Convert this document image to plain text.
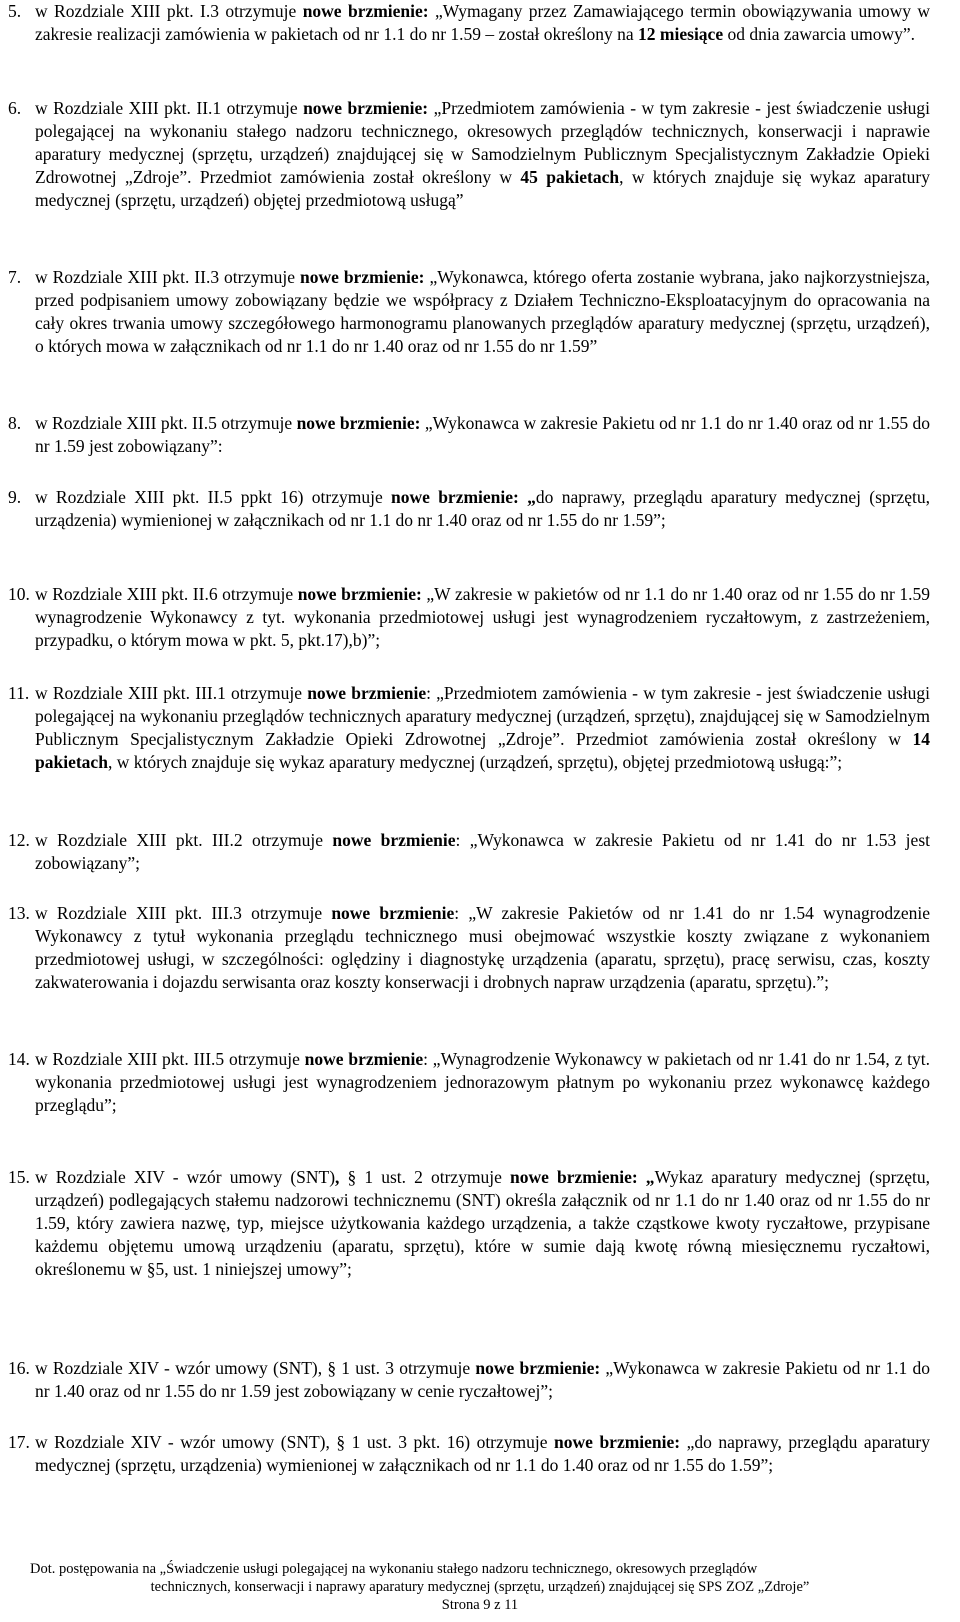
5. w Rozdziale XIII pkt. I.3 otrzymuje nowe brzmienie: „Wymagany przez Zamawiającego termin obowiązywania umowy w zakresie realizacji zamówienia w pakietach od nr 1.1 do nr 1.59 – został określony na 12 miesiące od dnia zawarcia umowy”.
6. w Rozdziale XIII pkt. II.1 otrzymuje nowe brzmienie: „Przedmiotem zamówienia - w tym zakresie - jest świadczenie usługi polegającej na wykonaniu stałego nadzoru technicznego, okresowych przeglądów technicznych, konserwacji i naprawie aparatury medycznej (sprzętu, urządzeń) znajdującej się w Samodzielnym Publicznym Specjalistycznym Zakładzie Opieki Zdrowotnej „Zdroje”. Przedmiot zamówienia został określony w 45 pakietach, w których znajduje się wykaz aparatury medycznej (sprzętu, urządzeń) objętej przedmiotową usługą”
7. w Rozdziale XIII pkt. II.3 otrzymuje nowe brzmienie: „Wykonawca, którego oferta zostanie wybrana, jako najkorzystniejsza, przed podpisaniem umowy zobowiązany będzie we współpracy z Działem Techniczno-Eksploatacyjnym do opracowania na cały okres trwania umowy szczegółowego harmonogramu planowanych przeglądów aparatury medycznej (sprzętu, urządzeń), o których mowa w załącznikach od nr 1.1 do nr 1.40 oraz od nr 1.55 do nr 1.59”
8. w Rozdziale XIII pkt. II.5 otrzymuje nowe brzmienie: „Wykonawca w zakresie Pakietu od nr 1.1 do nr 1.40 oraz od nr 1.55 do nr 1.59 jest zobowiązany”:
9. w Rozdziale XIII pkt. II.5 ppkt 16) otrzymuje nowe brzmienie: „do naprawy, przeglądu aparatury medycznej (sprzętu, urządzenia) wymienionej w załącznikach od nr 1.1 do nr 1.40 oraz od nr 1.55 do nr 1.59”;
10. w Rozdziale XIII pkt. II.6 otrzymuje nowe brzmienie: „W zakresie w pakietów od nr 1.1 do nr 1.40 oraz od nr 1.55 do nr 1.59 wynagrodzenie Wykonawcy z tyt. wykonania przedmiotowej usługi jest wynagrodzeniem ryczałtowym, z zastrzeżeniem, przypadku, o którym mowa w pkt. 5, pkt.17),b)”;
11. w Rozdziale XIII pkt. III.1 otrzymuje nowe brzmienie: „Przedmiotem zamówienia - w tym zakresie - jest świadczenie usługi polegającej na wykonaniu przeglądów technicznych aparatury medycznej (urządzeń, sprzętu), znajdującej się w Samodzielnym Publicznym Specjalistycznym Zakładzie Opieki Zdrowotnej „Zdroje”. Przedmiot zamówienia został określony w 14 pakietach, w których znajduje się wykaz aparatury medycznej (urządzeń, sprzętu), objętej przedmiotową usługą:”;
12. w Rozdziale XIII pkt. III.2 otrzymuje nowe brzmienie: „Wykonawca w zakresie Pakietu od nr 1.41 do nr 1.53 jest zobowiązany”;
13. w Rozdziale XIII pkt. III.3 otrzymuje nowe brzmienie: „W zakresie Pakietów od nr 1.41 do nr 1.54 wynagrodzenie Wykonawcy z tytuł wykonania przeglądu technicznego musi obejmować wszystkie koszty związane z wykonaniem przedmiotowej usługi, w szczególności: oględziny i diagnostykę urządzenia (aparatu, sprzętu), pracę serwisu, czas, koszty zakwaterowania i dojazdu serwisanta oraz koszty konserwacji i drobnych napraw urządzenia (aparatu, sprzętu).”;
14. w Rozdziale XIII pkt. III.5 otrzymuje nowe brzmienie: „Wynagrodzenie Wykonawcy w pakietach od nr 1.41 do nr 1.54, z tyt. wykonania przedmiotowej usługi jest wynagrodzeniem jednorazowym płatnym po wykonaniu przez wykonawcę każdego przeglądu”;
15. w Rozdziale XIV - wzór umowy (SNT), § 1 ust. 2 otrzymuje nowe brzmienie: „Wykaz aparatury medycznej (sprzętu, urządzeń) podlegających stałemu nadzorowi technicznemu (SNT) określa załącznik od nr 1.1 do nr 1.40 oraz od nr 1.55 do nr 1.59, który zawiera nazwę, typ, miejsce użytkowania każdego urządzenia, a także cząstkowe kwoty ryczałtowe, przypisane każdemu objętemu umową urządzeniu (aparatu, sprzętu), które w sumie dają kwotę równą miesięcznemu ryczałtowi, określonemu w §5, ust. 1 niniejszej umowy”;
16. w Rozdziale XIV - wzór umowy (SNT), § 1 ust. 3 otrzymuje nowe brzmienie: „Wykonawca w zakresie Pakietu od nr 1.1 do nr 1.40 oraz od nr 1.55 do nr 1.59 jest zobowiązany w cenie ryczałtowej”;
17. w Rozdziale XIV - wzór umowy (SNT), § 1 ust. 3 pkt. 16) otrzymuje nowe brzmienie: „do naprawy, przeglądu aparatury medycznej (sprzętu, urządzenia) wymienionej w załącznikach od nr 1.1 do 1.40 oraz od nr 1.55 do 1.59”;
Dot. postępowania na „Świadczenie usługi polegającej na wykonaniu stałego nadzoru technicznego, okresowych przeglądów
technicznych, konserwacji i naprawy aparatury medycznej (sprzętu, urządzeń) znajdującej się SPS ZOZ „Zdroje”
Strona 9 z 11
